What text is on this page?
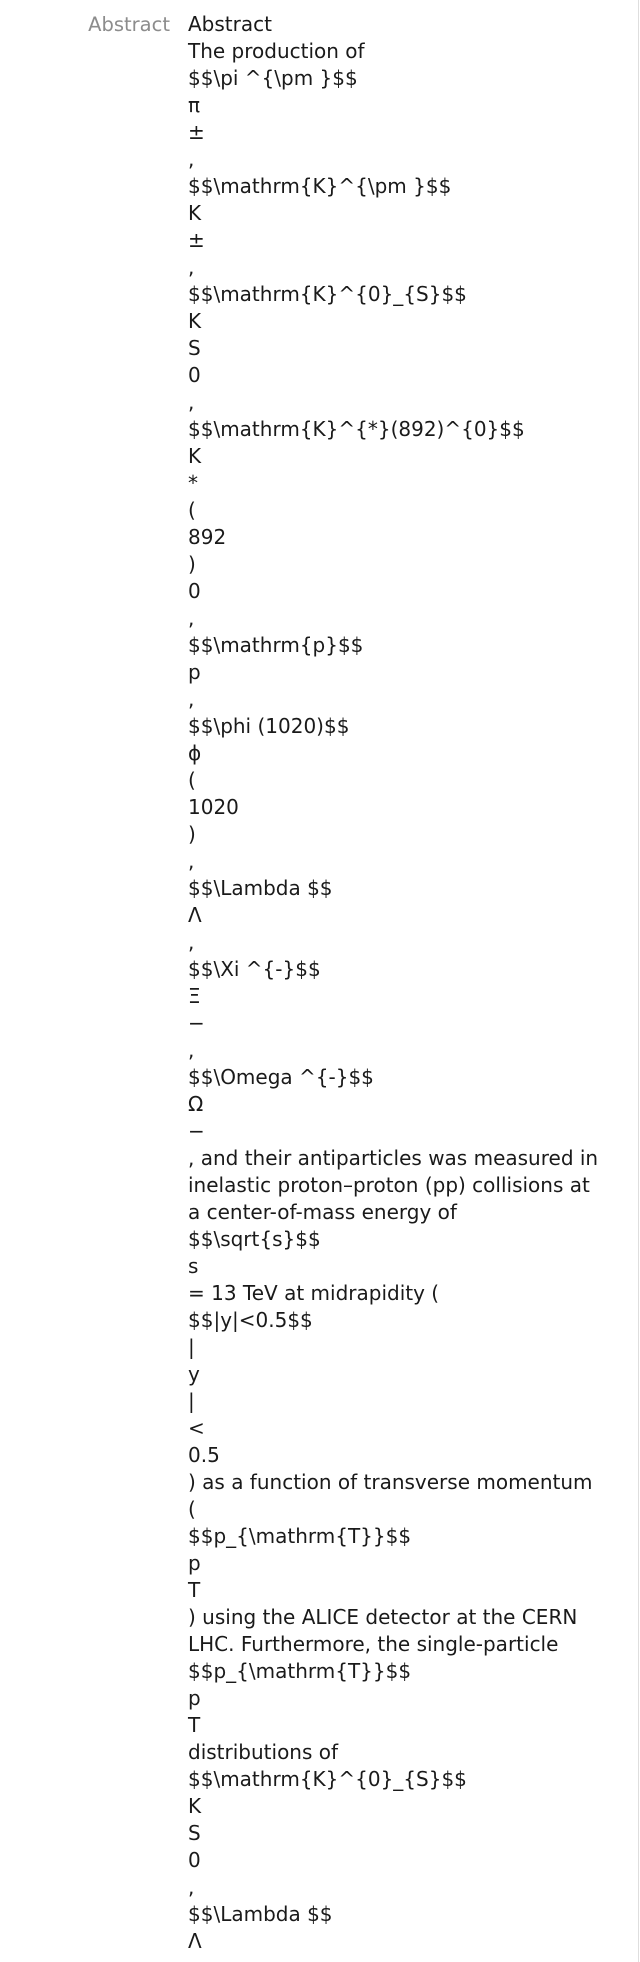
Abstract Abstract
The production of
$$\pi ^{\pm }$$
π
±
,
$$\mathrm{K}^{\pm }$$
K
±
,
$$\mathrm{K}^{0}_{S}$$
K
S
0
,
$$\mathrm{K}^{*}(892)^{0}$$
K
*
(
892
)
0
,
$$\mathrm{p}$$
p
,
$$\phi (1020)$$
ϕ
(
1020
)
,
$$\Lambda $$
Λ
,
$$\Xi ^{-}$$
Ξ
−
,
$$\Omega ^{-}$$
Ω
−
, and their antiparticles was measured in
inelastic proton–proton (pp) collisions at
a center-of-mass energy of
$$\sqrt{s}$$
s
= 13 TeV at midrapidity (
$$|y|<0.5$$
|
y
|
<
0.5
) as a function of transverse momentum
(
$$p_{\mathrm{T}}$$
p
T
) using the ALICE detector at the CERN
LHC. Furthermore, the single-particle
$$p_{\mathrm{T}}$$
p
T
distributions of
$$\mathrm{K}^{0}_{S}$$
K
S
0
,
$$\Lambda $$
Λ
